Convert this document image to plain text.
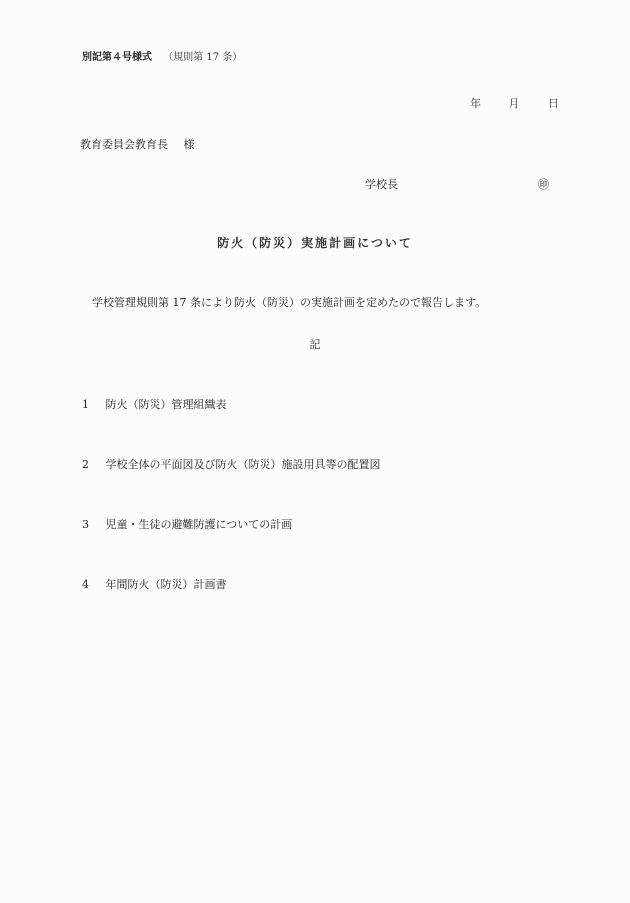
別記第４号様式 （規則第 17 条）
年	月	日
教育委員会教育長 様
学校長	㊞
防火（防災）実施計画について
学校管理規則第 17 条により防火（防災）の実施計画を定めたので報告します。
記
1 防火（防災）管理組織表
2 学校全体の平面図及び防火（防災）施設用具等の配置図
3 児童・生徒の避難防護についての計画
4 年間防火（防災）計画書
